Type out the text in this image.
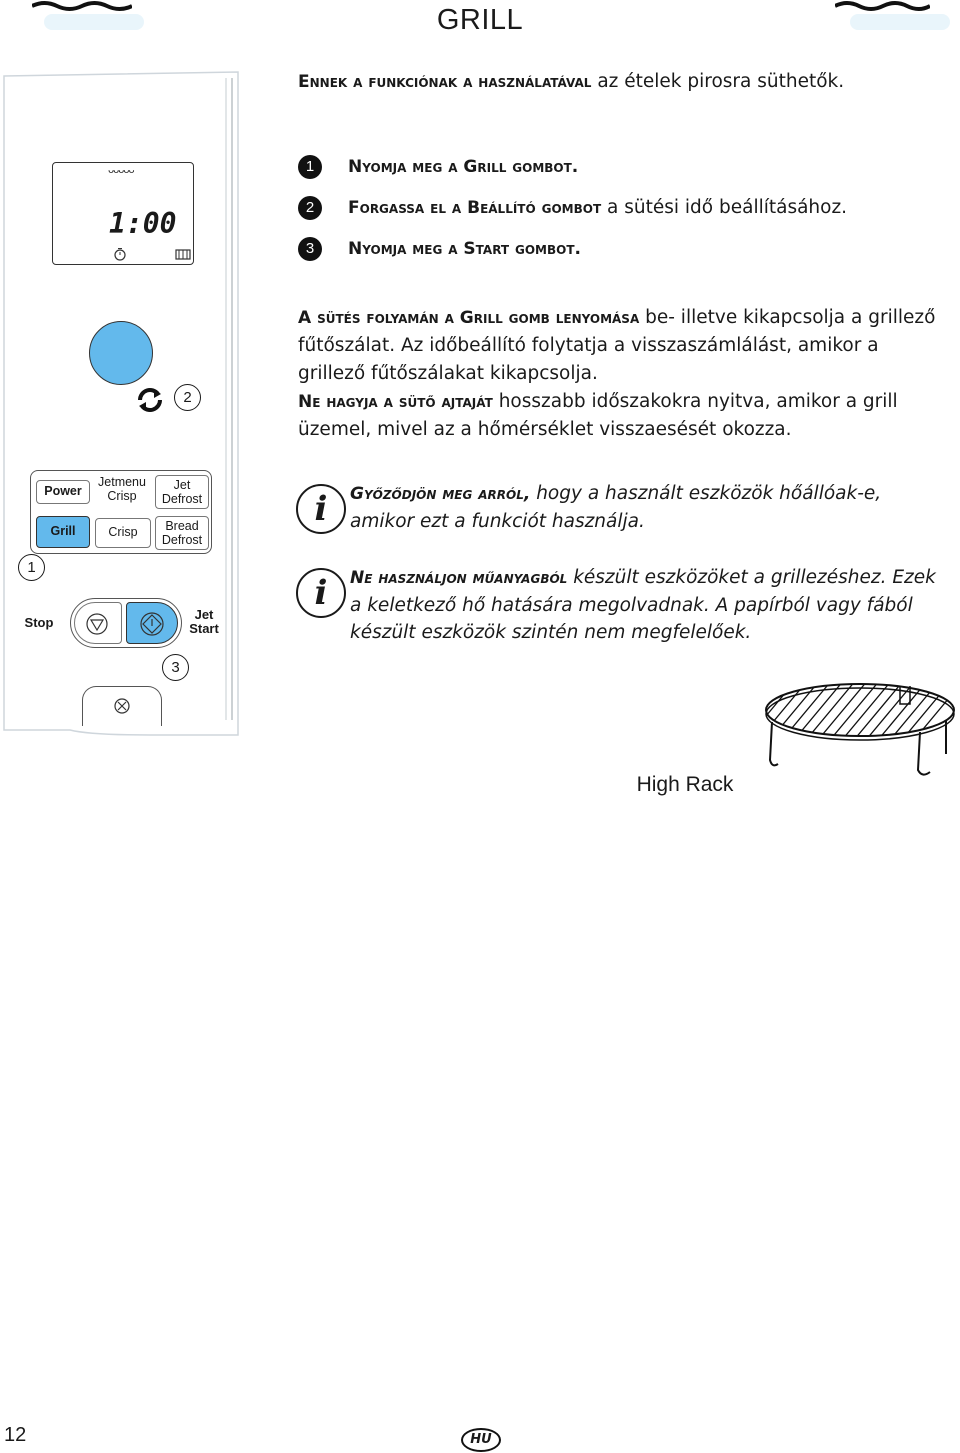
GRILL
ᴗᴗᴗᴗᴗ
1:00
2
Power
Jetmenu
Crisp
Jet
Defrost
Grill	Crisp	Bread
Defrost
1
Stop
Jet
Start
3
Ennek a funkciónak a használatával az ételek pirosra süthetők.
1	Nyomja meg a Grill gombot.
2	Forgassa el a Beállító gombot a sütési idő beállításához.
3	Nyomja meg a Start gombot.
A sütés folyamán a Grill gomb lenyomása be- illetve kikapcsolja a grillező fűtőszálat. Az időbeállító folytatja a visszaszámlálást, amikor a grillező fűtőszálakat kikapcsolja.
Ne hagyja a sütő ajtaját hosszabb időszakokra nyitva, amikor a grill üzemel, mivel az a hőmérséklet visszaesését okozza.
i	Győződjön meg arról, hogy a használt eszközök hőállóak-e, amikor ezt a funkciót használja.
i	Ne használjon műanyagból készült eszközöket a grillezéshez. Ezek a keletkező hő hatására megolvadnak. A papírból vagy fából készült eszközök szintén nem megfelelőek.
High Rack
12	HU
